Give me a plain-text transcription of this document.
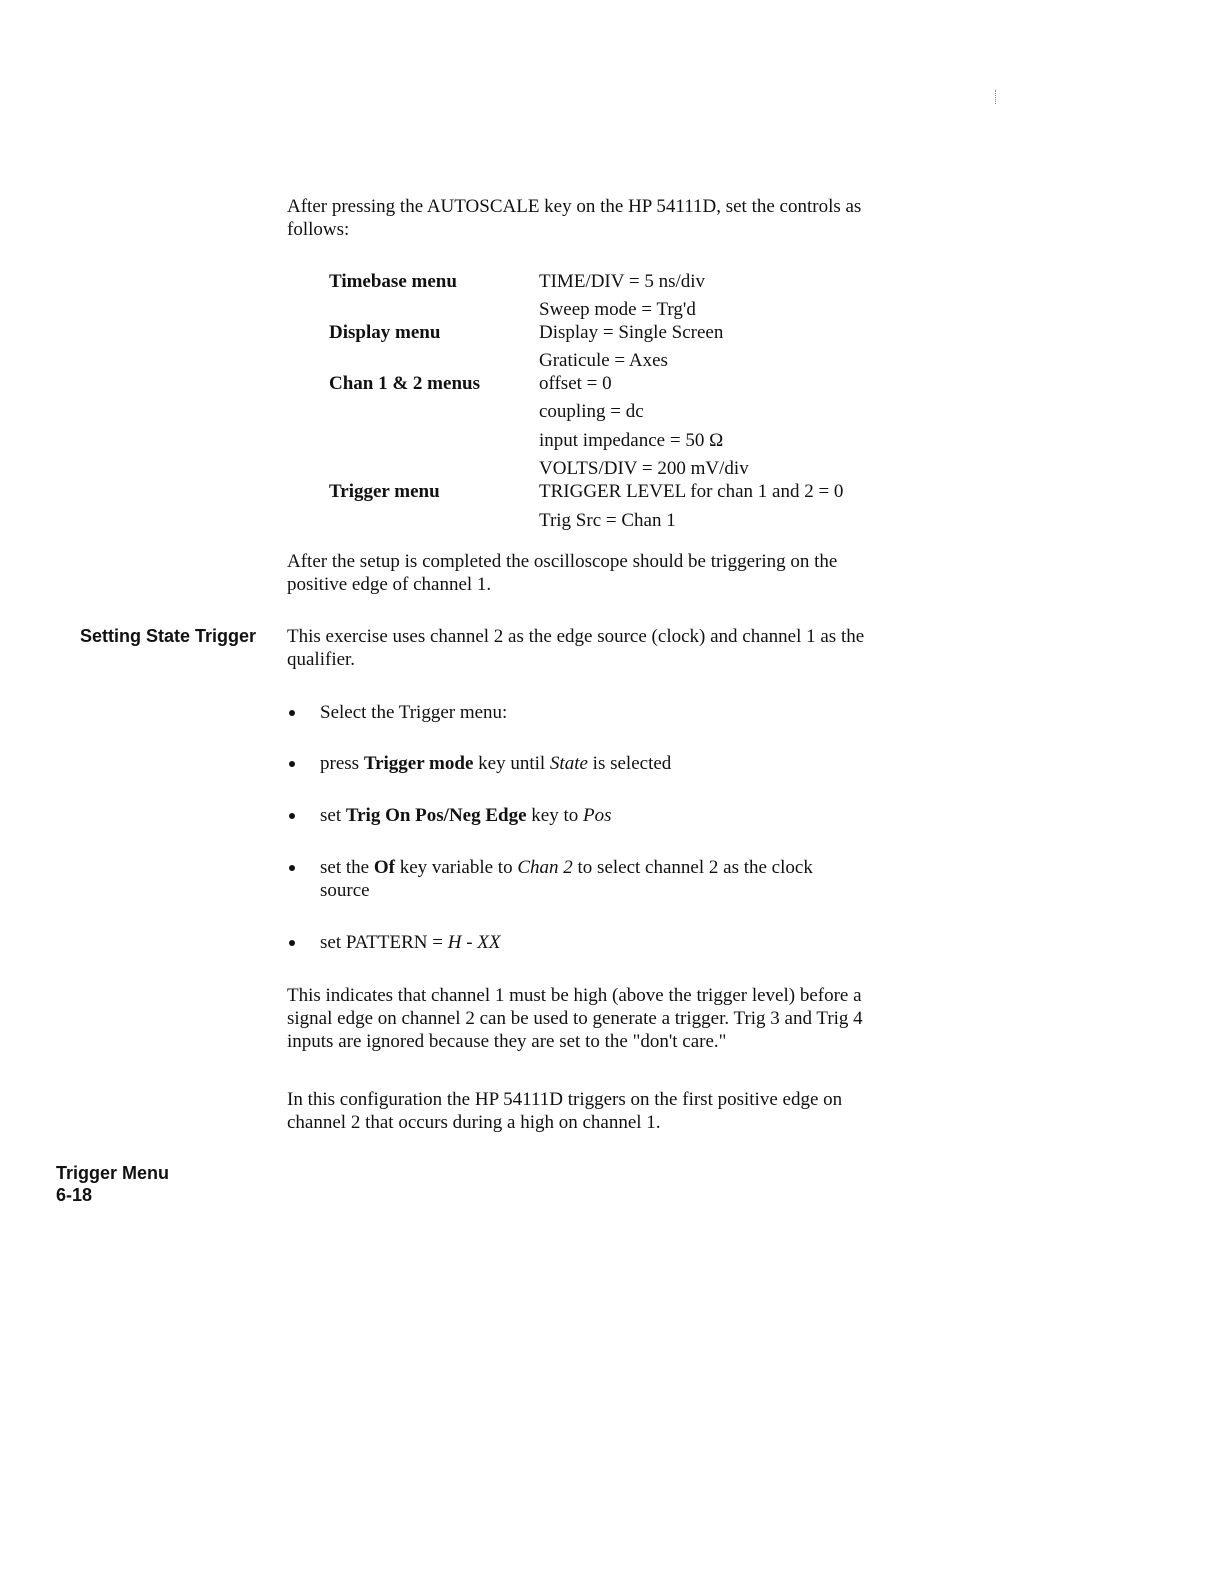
After pressing the AUTOSCALE key on the HP 54111D, set the controls as follows:
Timebase menu	TIME/DIV = 5 ns/div
Sweep mode = Trg'd
Display menu	Display = Single Screen
Graticule = Axes
Chan 1 & 2 menus	offset = 0
coupling = dc
input impedance = 50 Ω
VOLTS/DIV = 200 mV/div
Trigger menu	TRIGGER LEVEL for chan 1 and 2 = 0
Trig Src = Chan 1
After the setup is completed the oscilloscope should be triggering on the positive edge of channel 1.
Setting State Trigger This exercise uses channel 2 as the edge source (clock) and channel 1 as the qualifier.
Select the Trigger menu:
press Trigger mode key until State is selected
set Trig On Pos/Neg Edge key to Pos
set the Of key variable to Chan 2 to select channel 2 as the clock source
set PATTERN = H - XX
This indicates that channel 1 must be high (above the trigger level) before a signal edge on channel 2 can be used to generate a trigger. Trig 3 and Trig 4 inputs are ignored because they are set to the "don't care."
In this configuration the HP 54111D triggers on the first positive edge on channel 2 that occurs during a high on channel 1.
Trigger Menu
6-18
